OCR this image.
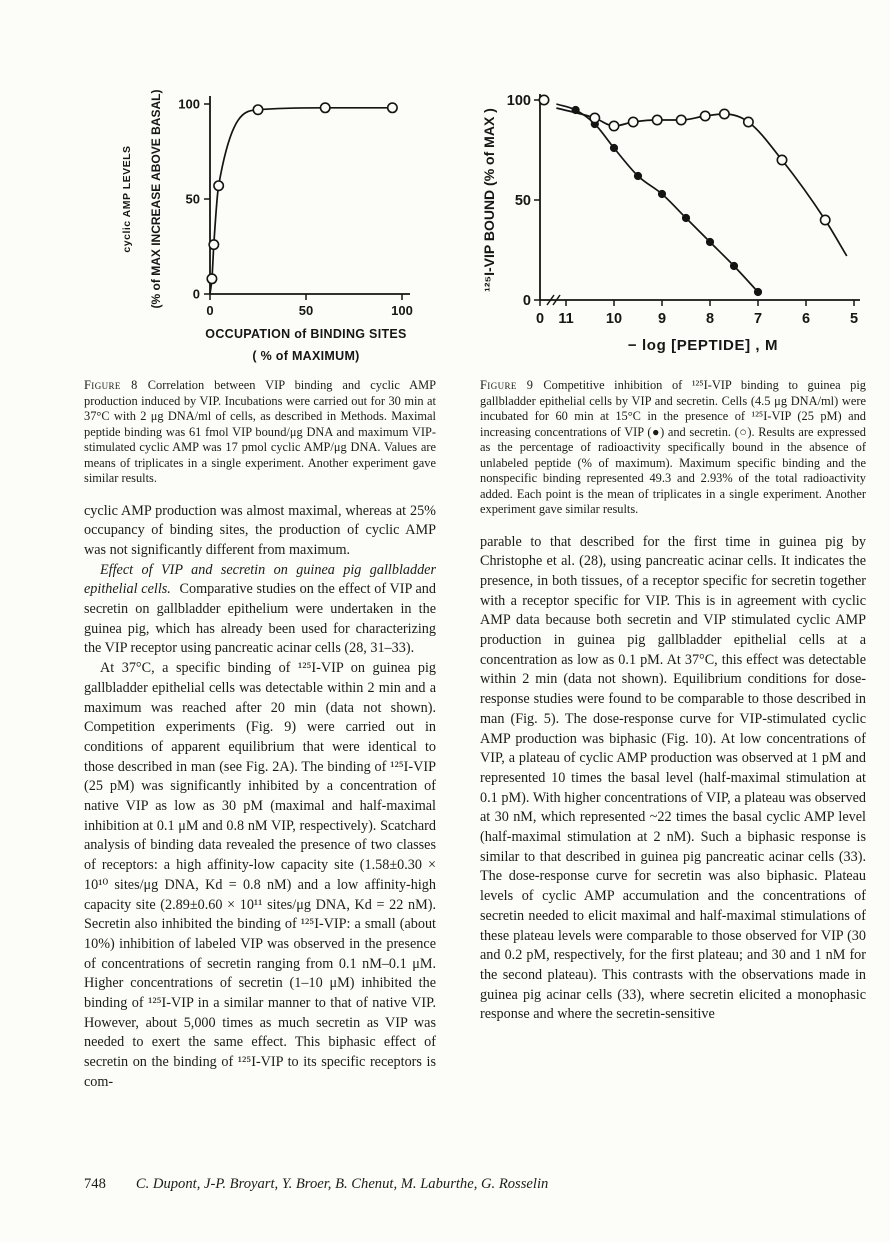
0
50
100
0	50	100
cyclic AMP LEVELS (% of MAX INCREASE ABOVE BASAL)
OCCUPATION of BINDING SITES
( % of MAXIMUM)
Figure 8 Correlation between VIP binding and cyclic AMP production induced by VIP. Incubations were carried out for 30 min at 37°C with 2 μg DNA/ml of cells, as described in Methods. Maximal peptide binding was 61 fmol VIP bound/μg DNA and maximum VIP-stimulated cyclic AMP was 17 pmol cyclic AMP/μg DNA. Values are means of triplicates in a single experiment. Another experiment gave similar results.

cyclic AMP production was almost maximal, whereas at 25% occupancy of binding sites, the production of cyclic AMP was not significantly different from maximum.

Effect of VIP and secretin on guinea pig gallbladder epithelial cells. Comparative studies on the effect of VIP and secretin on gallbladder epithelium were undertaken in the guinea pig, which has already been used for characterizing the VIP receptor using pancreatic acinar cells (28, 31–33).

At 37°C, a specific binding of ¹²⁵I-VIP on guinea pig gallbladder epithelial cells was detectable within 2 min and a maximum was reached after 20 min (data not shown). Competition experiments (Fig. 9) were carried out in conditions of apparent equilibrium that were identical to those described in man (see Fig. 2A). The binding of ¹²⁵I-VIP (25 pM) was significantly inhibited by a concentration of native VIP as low as 30 pM (maximal and half-maximal inhibition at 0.1 μM and 0.8 nM VIP, respectively). Scatchard analysis of binding data revealed the presence of two classes of receptors: a high affinity-low capacity site (1.58±0.30 × 10¹⁰ sites/μg DNA, Kd = 0.8 nM) and a low affinity-high capacity site (2.89±0.60 × 10¹¹ sites/μg DNA, Kd = 22 nM). Secretin also inhibited the binding of ¹²⁵I-VIP: a small (about 10%) inhibition of labeled VIP was observed in the presence of concentrations of secretin ranging from 0.1 nM–0.1 μM. Higher concentrations of secretin (1–10 μM) inhibited the binding of ¹²⁵I-VIP in a similar manner to that of native VIP. However, about 5,000 times as much secretin as VIP was needed to exert the same effect. This biphasic effect of secretin on the binding of ¹²⁵I-VIP to its specific receptors is com-

0
50
100
0 11 10 9	8	7	6	5
¹²⁵I-VIP BOUND (% of MAX )
− log [PEPTIDE] , M
Figure 9 Competitive inhibition of ¹²⁵I-VIP binding to guinea pig gallbladder epithelial cells by VIP and secretin. Cells (4.5 μg DNA/ml) were incubated for 60 min at 15°C in the presence of ¹²⁵I-VIP (25 pM) and increasing concentrations of VIP (●) and secretin. (○). Results are expressed as the percentage of radioactivity specifically bound in the absence of unlabeled peptide (% of maximum). Maximum specific binding and the nonspecific binding represented 49.3 and 2.93% of the total radioactivity added. Each point is the mean of triplicates in a single experiment. Another experiment gave similar results.

parable to that described for the first time in guinea pig by Christophe et al. (28), using pancreatic acinar cells. It indicates the presence, in both tissues, of a receptor specific for secretin together with a receptor specific for VIP. This is in agreement with cyclic AMP data because both secretin and VIP stimulated cyclic AMP production in guinea pig gallbladder epithelial cells at a concentration as low as 0.1 pM. At 37°C, this effect was detectable within 2 min (data not shown). Equilibrium conditions for dose-response studies were found to be comparable to those described in man (Fig. 5). The dose-response curve for VIP-stimulated cyclic AMP production was biphasic (Fig. 10). At low concentrations of VIP, a plateau of cyclic AMP production was observed at 1 pM and represented 10 times the basal level (half-maximal stimulation at 0.1 pM). With higher concentrations of VIP, a plateau was observed at 30 nM, which represented ~22 times the basal cyclic AMP level (half-maximal stimulation at 2 nM). Such a biphasic response is similar to that described in guinea pig pancreatic acinar cells (33). The dose-response curve for secretin was also biphasic. Plateau levels of cyclic AMP accumulation and the concentrations of secretin needed to elicit maximal and half-maximal stimulations of these plateau levels were comparable to those observed for VIP (30 and 0.2 pM, respectively, for the first plateau; and 30 and 1 nM for the second plateau). This contrasts with the observations made in guinea pig acinar cells (33), where secretin elicited a monophasic response and where the secretin-sensitive

748 C. Dupont, J-P. Broyart, Y. Broer, B. Chenut, M. Laburthe, G. Rosselin
